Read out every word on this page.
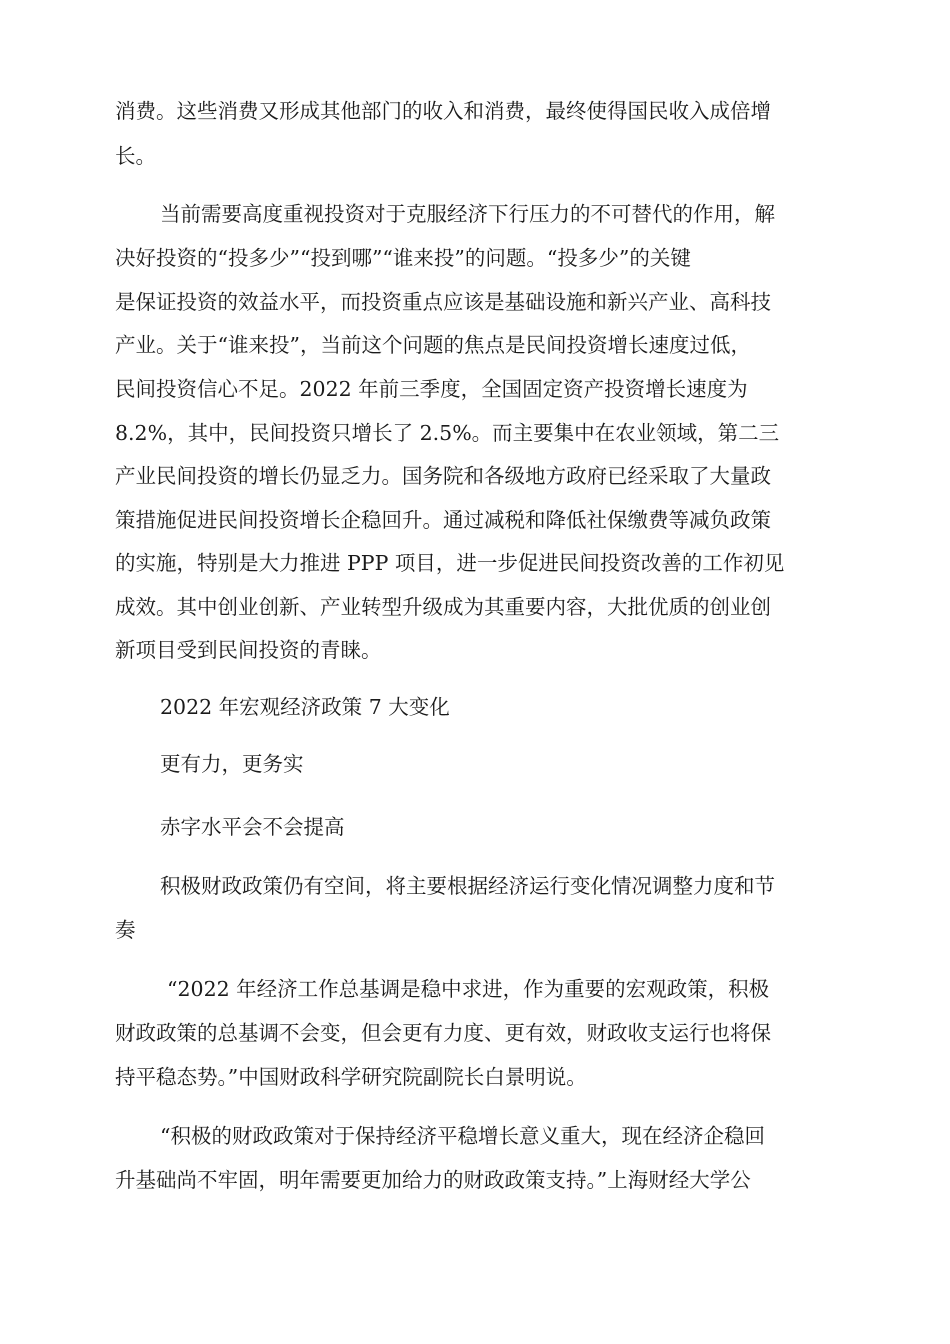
消费。这些消费又形成其他部门的收入和消费，最终使得国民收入成倍增
长。
当前需要高度重视投资对于克服经济下行压力的不可替代的作用，解
决好投资的“投多少”“投到哪”“谁来投”的问题。“投多少”的关键
是保证投资的效益水平，而投资重点应该是基础设施和新兴产业、高科技
产业。关于“谁来投”，当前这个问题的焦点是民间投资增长速度过低，
民间投资信心不足。2022 年前三季度，全国固定资产投资增长速度为
8.2%，其中，民间投资只增长了 2.5%。而主要集中在农业领域，第二三
产业民间投资的增长仍显乏力。国务院和各级地方政府已经采取了大量政
策措施促进民间投资增长企稳回升。通过减税和降低社保缴费等减负政策
的实施，特别是大力推进 PPP 项目，进一步促进民间投资改善的工作初见
成效。其中创业创新、产业转型升级成为其重要内容，大批优质的创业创
新项目受到民间投资的青睐。
2022 年宏观经济政策 7 大变化
更有力，更务实
赤字水平会不会提高
积极财政政策仍有空间，将主要根据经济运行变化情况调整力度和节
奏
“2022 年经济工作总基调是稳中求进，作为重要的宏观政策，积极
财政政策的总基调不会变，但会更有力度、更有效，财政收支运行也将保
持平稳态势。”中国财政科学研究院副院长白景明说。
“积极的财政政策对于保持经济平稳增长意义重大，现在经济企稳回
升基础尚不牢固，明年需要更加给力的财政政策支持。”上海财经大学公
